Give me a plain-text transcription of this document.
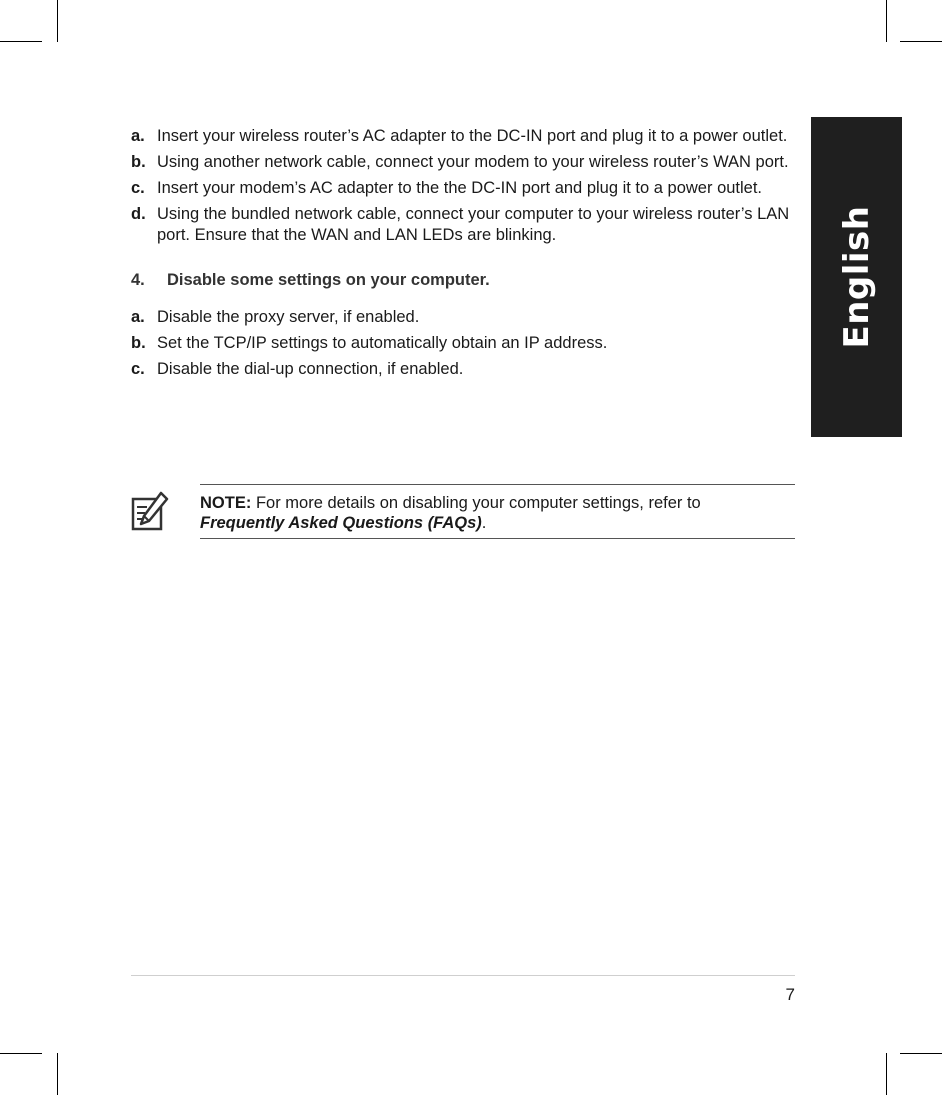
English
a. Insert your wireless router’s AC adapter to the DC-IN port and plug it to a power outlet.
b. Using another network cable, connect your modem to your wireless router’s WAN port.
c. Insert your modem’s AC adapter to the the DC-IN port and plug it to a power outlet.
d. Using the bundled network cable, connect your computer to your wireless router’s LAN port. Ensure that the WAN and LAN LEDs are blinking.
4.	Disable some settings on your computer.
a. Disable the proxy server, if enabled.
b. Set the TCP/IP settings to automatically obtain an IP address.
c. Disable the dial-up connection, if enabled.
NOTE: For more details on disabling your computer settings, refer to
Frequently Asked Questions (FAQs).
7
